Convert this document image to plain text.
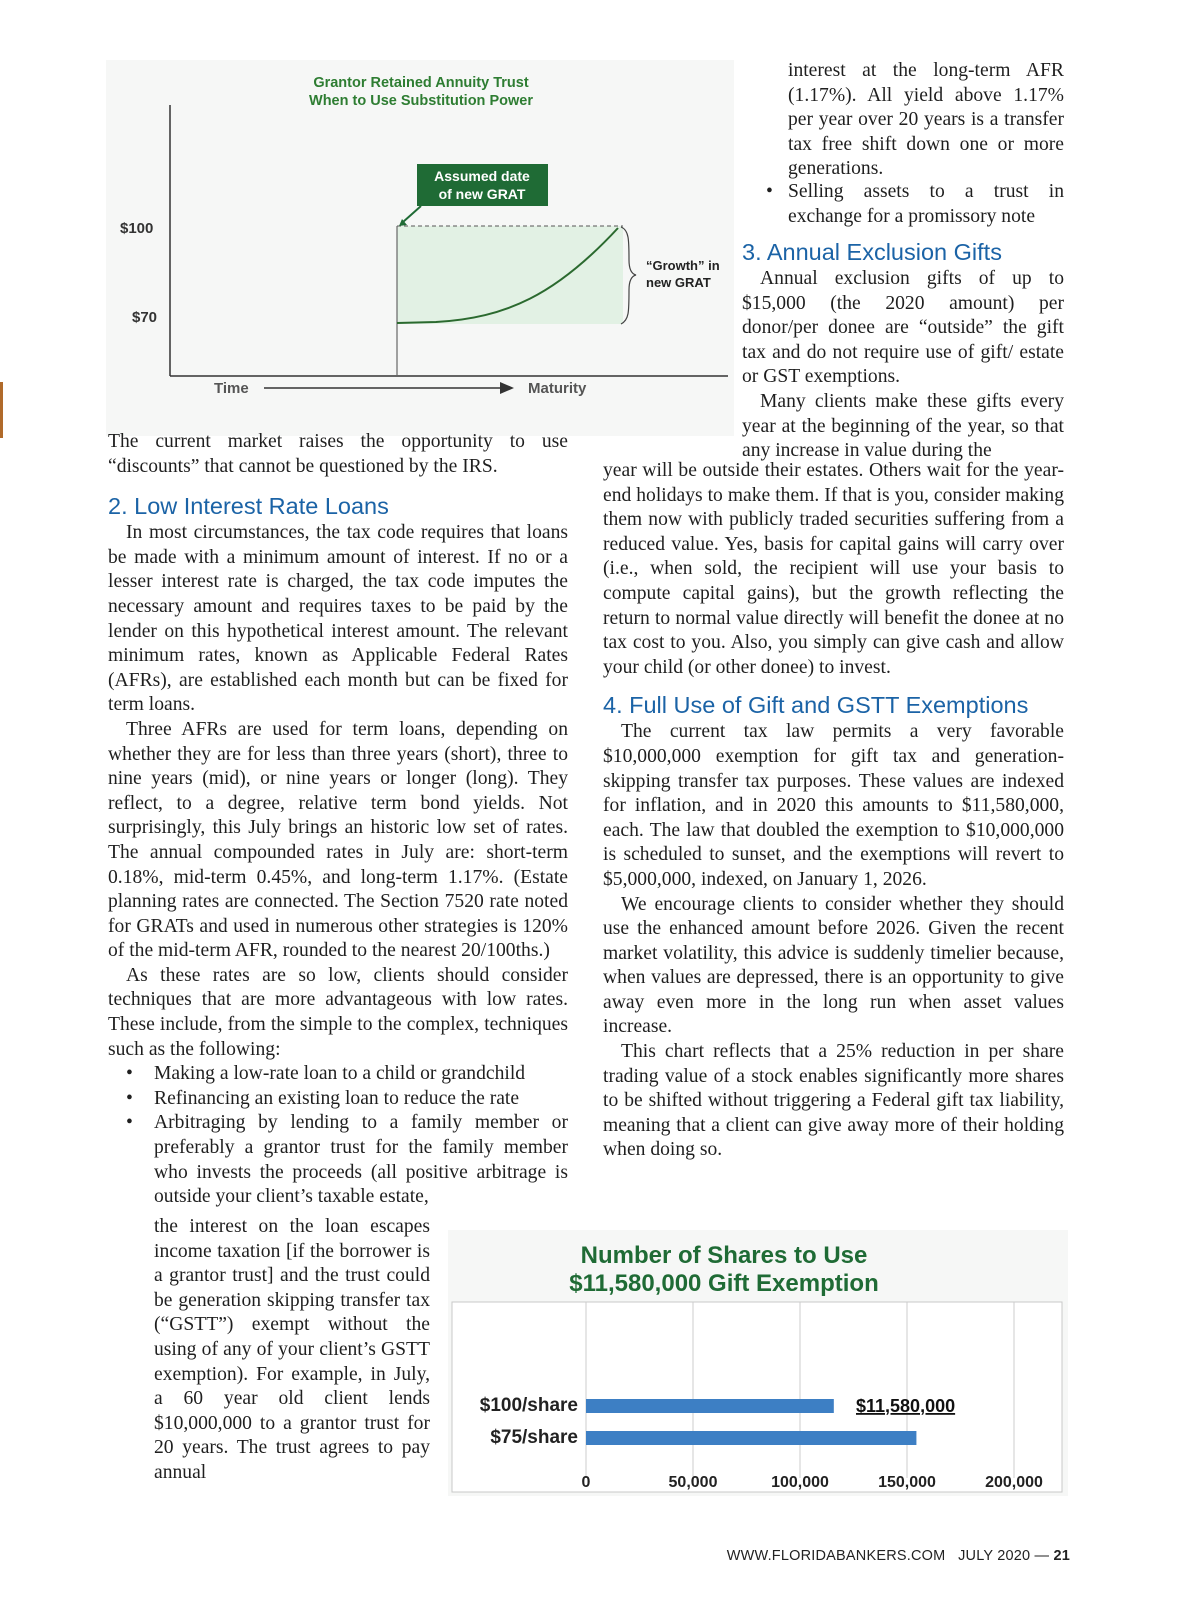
Grantor Retained Annuity Trust
When to Use Substitution Power
$100
$70
Assumed date
of new GRAT
“Growth” in
new GRAT
Time	Maturity

The current market raises the opportunity to use “discounts” that cannot be questioned by the IRS.

2. Low Interest Rate Loans

In most circumstances, the tax code requires that loans be made with a minimum amount of interest. If no or a lesser interest rate is charged, the tax code imputes the necessary amount and requires taxes to be paid by the lender on this hypothetical interest amount. The relevant minimum rates, known as Applicable Federal Rates (AFRs), are established each month but can be fixed for term loans.

Three AFRs are used for term loans, depending on whether they are for less than three years (short), three to nine years (mid), or nine years or longer (long). They reflect, to a degree, relative term bond yields. Not surprisingly, this July brings an historic low set of rates. The annual compounded rates in July are: short-term 0.18%, mid-term 0.45%, and long-term 1.17%. (Estate planning rates are connected. The Section 7520 rate noted for GRATs and used in numerous other strategies is 120% of the mid-term AFR, rounded to the nearest 20/100ths.)

As these rates are so low, clients should consider techniques that are more advantageous with low rates. These include, from the simple to the complex, techniques such as the following:

• Making a low-rate loan to a child or grandchild
• Refinancing an existing loan to reduce the rate
• Arbitraging by lending to a family member or preferably a grantor trust for the family member who invests the proceeds (all positive arbitrage is outside your client’s taxable estate,
the interest on the loan escapes income taxation [if the borrower is a grantor trust] and the trust could be generation skipping transfer tax (“GSTT”) exempt without the using of any of your client’s GSTT exemption). For example, in July, a 60 year old client lends $10,000,000 to a grantor trust for 20 years. The trust agrees to pay annual

interest at the long-term AFR (1.17%). All yield above 1.17% per year over 20 years is a transfer tax free shift down one or more generations.

• Selling assets to a trust in exchange for a promissory note
3. Annual Exclusion Gifts

Annual exclusion gifts of up to $15,000 (the 2020 amount) per donor/per donee are “outside” the gift tax and do not require use of gift/ estate or GST exemptions.

Many clients make these gifts every year at the beginning of the year, so that any increase in value during the

year will be outside their estates. Others wait for the year-end holidays to make them. If that is you, consider making them now with publicly traded securities suffering from a reduced value. Yes, basis for capital gains will carry over (i.e., when sold, the recipient will use your basis to compute capital gains), but the growth reflecting the return to normal value directly will benefit the donee at no tax cost to you. Also, you simply can give cash and allow your child (or other donee) to invest.

4. Full Use of Gift and GSTT Exemptions

The current tax law permits a very favorable $10,000,000 exemption for gift tax and generation-skipping transfer tax purposes. These values are indexed for inflation, and in 2020 this amounts to $11,580,000, each. The law that doubled the exemption to $10,000,000 is scheduled to sunset, and the exemptions will revert to $5,000,000, indexed, on January 1, 2026.

We encourage clients to consider whether they should use the enhanced amount before 2026. Given the recent market volatility, this advice is suddenly timelier because, when values are depressed, there is an opportunity to give away even more in the long run when asset values increase.

This chart reflects that a 25% reduction in per share trading value of a stock enables significantly more shares to be shifted without triggering a Federal gift tax liability, meaning that a client can give away more of their holding when doing so.

Number of Shares to Use
$11,580,000 Gift Exemption
0	50,000	100,000	150,000	200,000
$100/share
$75/share
$11,580,000
WWW.FLORIDABANKERS.COM JULY 2020 — 21
